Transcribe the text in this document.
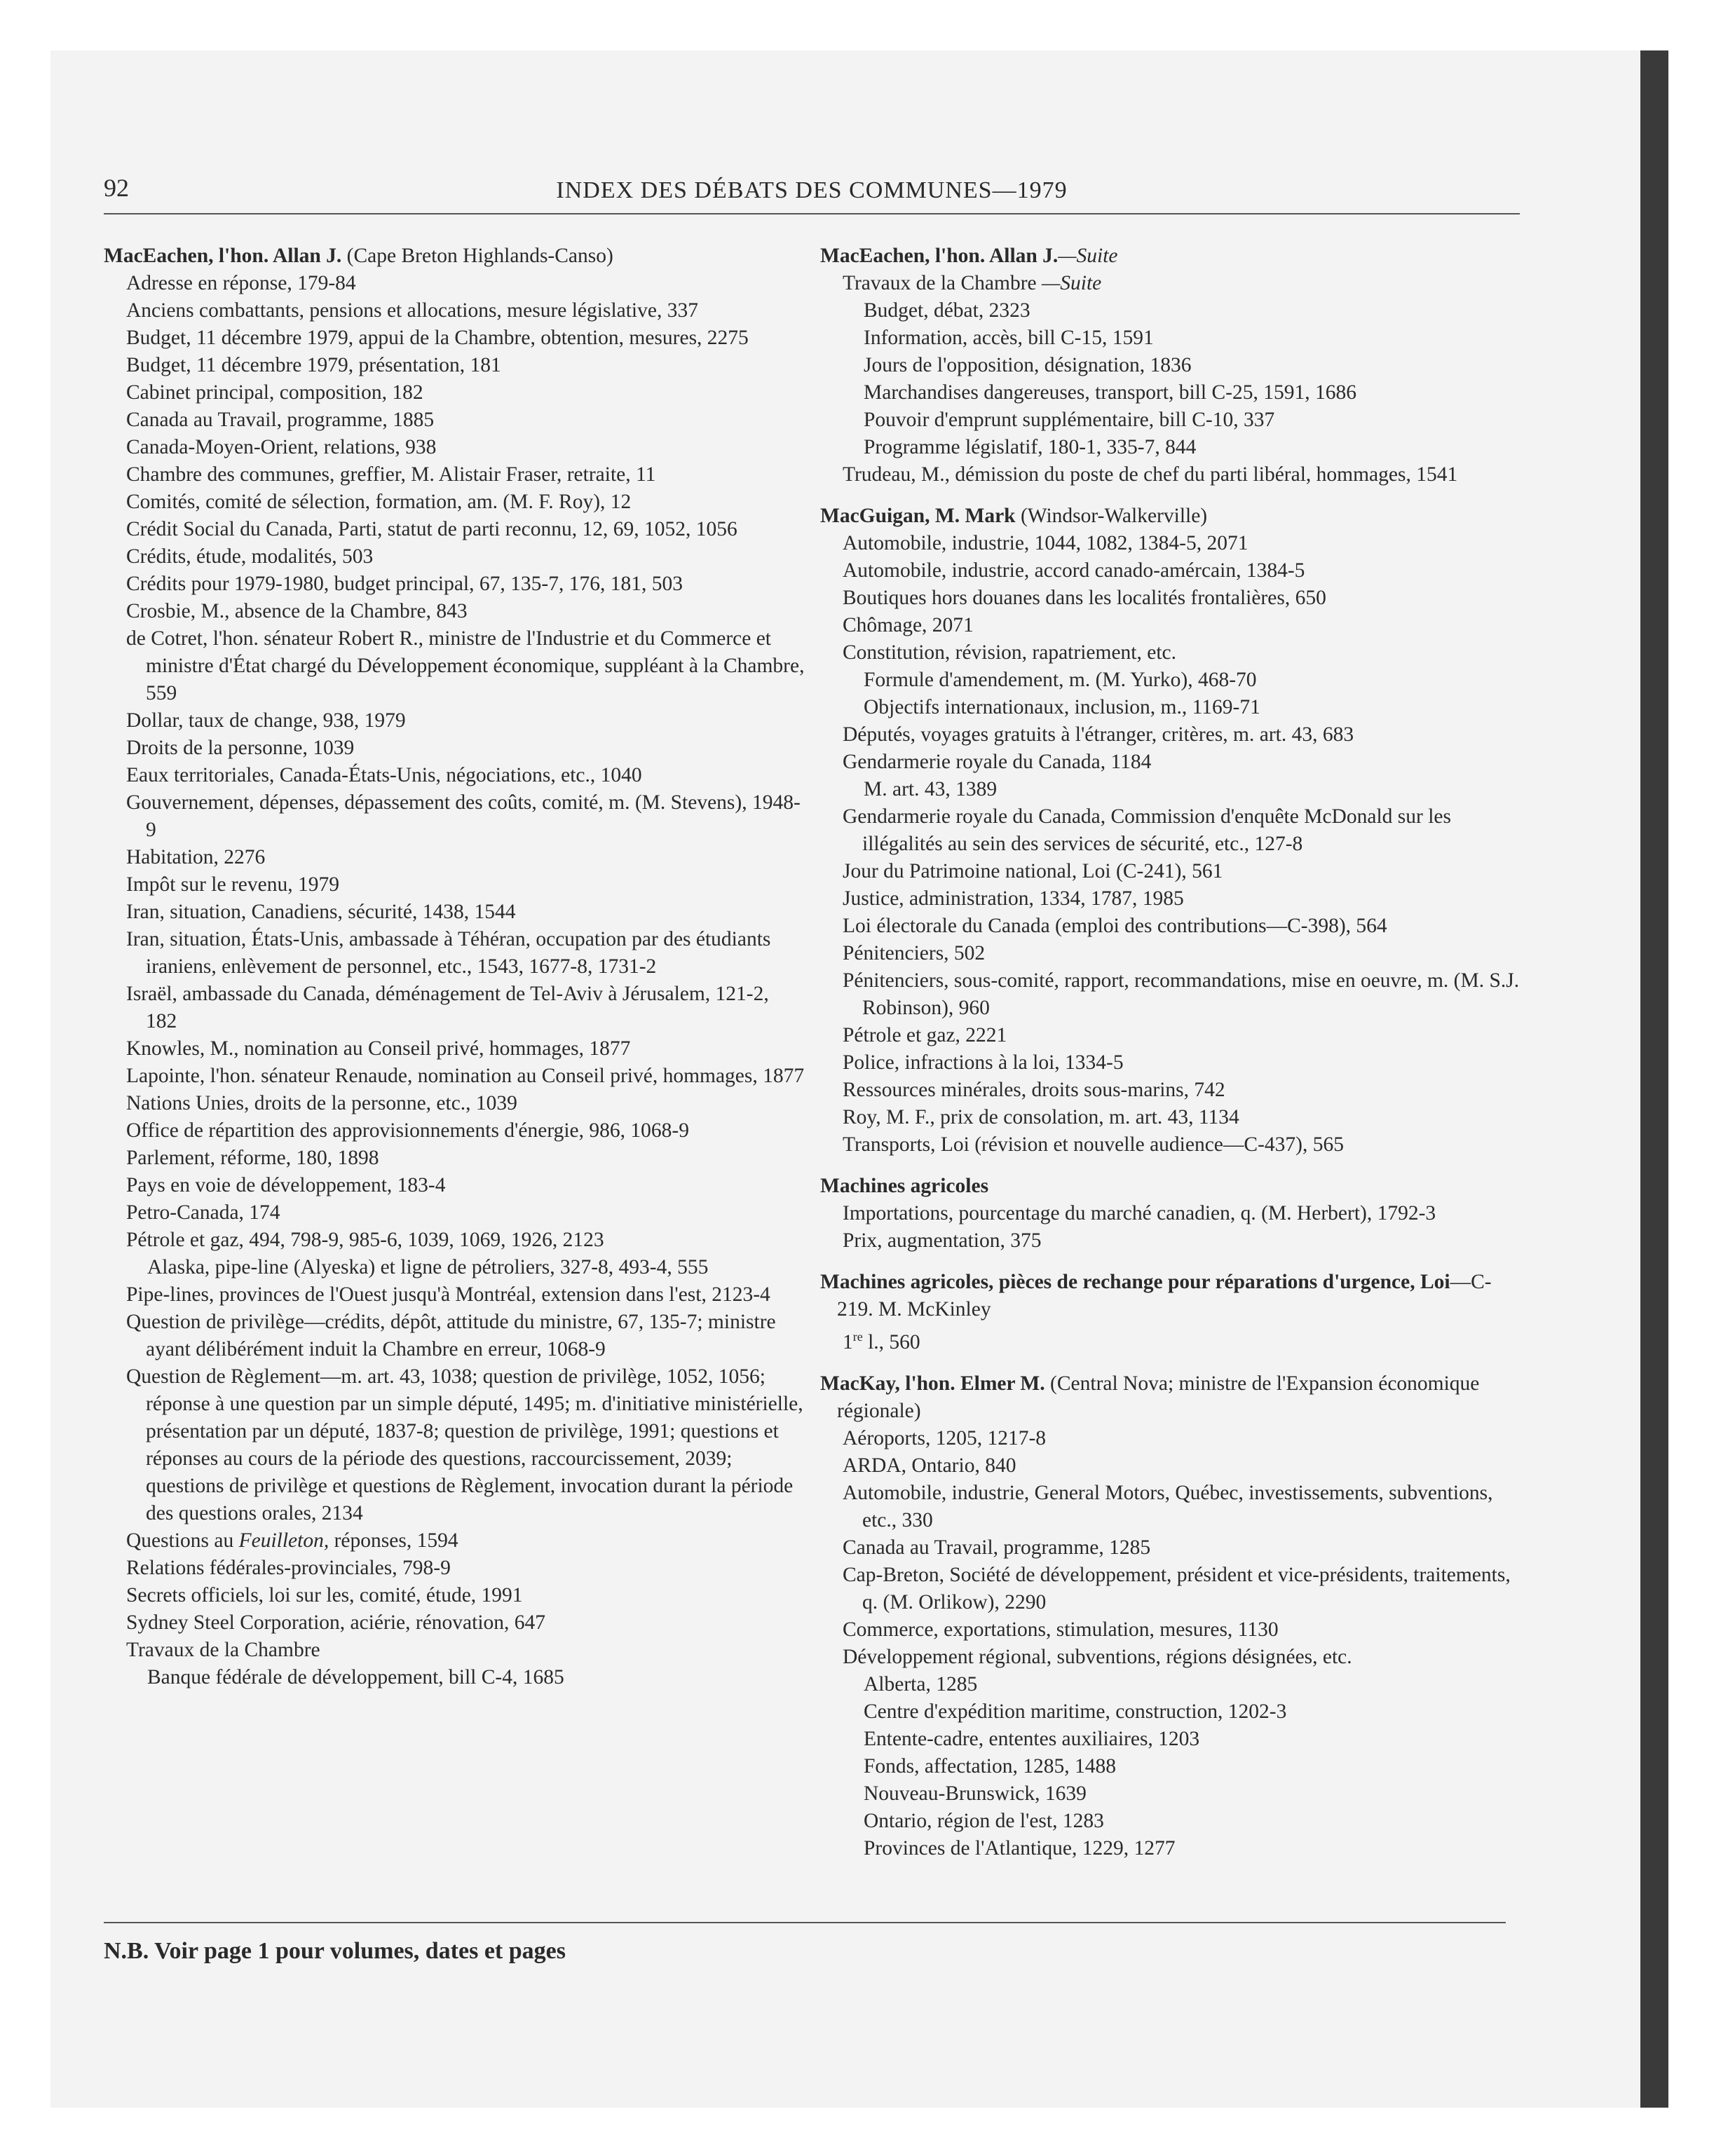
92	INDEX DES DÉBATS DES COMMUNES—1979

MacEachen, l'hon. Allan J. (Cape Breton Highlands-Canso)

Adresse en réponse, 179-84

Anciens combattants, pensions et allocations, mesure législative, 337

Budget, 11 décembre 1979, appui de la Chambre, obtention, mesures, 2275

Budget, 11 décembre 1979, présentation, 181

Cabinet principal, composition, 182

Canada au Travail, programme, 1885

Canada-Moyen-Orient, relations, 938

Chambre des communes, greffier, M. Alistair Fraser, retraite, 11

Comités, comité de sélection, formation, am. (M. F. Roy), 12

Crédit Social du Canada, Parti, statut de parti reconnu, 12, 69, 1052, 1056

Crédits, étude, modalités, 503

Crédits pour 1979-1980, budget principal, 67, 135-7, 176, 181, 503

Crosbie, M., absence de la Chambre, 843

de Cotret, l'hon. sénateur Robert R., ministre de l'Industrie et du Commerce et ministre d'État chargé du Développement économique, suppléant à la Chambre, 559

Dollar, taux de change, 938, 1979

Droits de la personne, 1039

Eaux territoriales, Canada-États-Unis, négociations, etc., 1040

Gouvernement, dépenses, dépassement des coûts, comité, m. (M. Stevens), 1948-9

Habitation, 2276

Impôt sur le revenu, 1979

Iran, situation, Canadiens, sécurité, 1438, 1544

Iran, situation, États-Unis, ambassade à Téhéran, occupation par des étudiants iraniens, enlèvement de personnel, etc., 1543, 1677-8, 1731-2

Israël, ambassade du Canada, déménagement de Tel-Aviv à Jérusalem, 121-2, 182

Knowles, M., nomination au Conseil privé, hommages, 1877

Lapointe, l'hon. sénateur Renaude, nomination au Conseil privé, hommages, 1877

Nations Unies, droits de la personne, etc., 1039

Office de répartition des approvisionnements d'énergie, 986, 1068-9

Parlement, réforme, 180, 1898

Pays en voie de développement, 183-4

Petro-Canada, 174

Pétrole et gaz, 494, 798-9, 985-6, 1039, 1069, 1926, 2123

Alaska, pipe-line (Alyeska) et ligne de pétroliers, 327-8, 493-4, 555

Pipe-lines, provinces de l'Ouest jusqu'à Montréal, extension dans l'est, 2123-4

Question de privilège—crédits, dépôt, attitude du ministre, 67, 135-7; ministre ayant délibérément induit la Chambre en erreur, 1068-9

Question de Règlement—m. art. 43, 1038; question de privilège, 1052, 1056; réponse à une question par un simple député, 1495; m. d'initiative ministérielle, présentation par un député, 1837-8; question de privilège, 1991; questions et réponses au cours de la période des questions, raccourcissement, 2039; questions de privilège et questions de Règlement, invocation durant la période des questions orales, 2134

Questions au Feuilleton, réponses, 1594

Relations fédérales-provinciales, 798-9

Secrets officiels, loi sur les, comité, étude, 1991

Sydney Steel Corporation, aciérie, rénovation, 647

Travaux de la Chambre

Banque fédérale de développement, bill C-4, 1685

MacEachen, l'hon. Allan J.—Suite

Travaux de la Chambre —Suite

Budget, débat, 2323

Information, accès, bill C-15, 1591

Jours de l'opposition, désignation, 1836

Marchandises dangereuses, transport, bill C-25, 1591, 1686

Pouvoir d'emprunt supplémentaire, bill C-10, 337

Programme législatif, 180-1, 335-7, 844

Trudeau, M., démission du poste de chef du parti libéral, hommages, 1541

MacGuigan, M. Mark (Windsor-Walkerville)

Automobile, industrie, 1044, 1082, 1384-5, 2071

Automobile, industrie, accord canado-amércain, 1384-5

Boutiques hors douanes dans les localités frontalières, 650

Chômage, 2071

Constitution, révision, rapatriement, etc.

Formule d'amendement, m. (M. Yurko), 468-70

Objectifs internationaux, inclusion, m., 1169-71

Députés, voyages gratuits à l'étranger, critères, m. art. 43, 683

Gendarmerie royale du Canada, 1184

M. art. 43, 1389

Gendarmerie royale du Canada, Commission d'enquête McDonald sur les illégalités au sein des services de sécurité, etc., 127-8

Jour du Patrimoine national, Loi (C-241), 561

Justice, administration, 1334, 1787, 1985

Loi électorale du Canada (emploi des contributions—C-398), 564

Pénitenciers, 502

Pénitenciers, sous-comité, rapport, recommandations, mise en oeuvre, m. (M. S.J. Robinson), 960

Pétrole et gaz, 2221

Police, infractions à la loi, 1334-5

Ressources minérales, droits sous-marins, 742

Roy, M. F., prix de consolation, m. art. 43, 1134

Transports, Loi (révision et nouvelle audience—C-437), 565

Machines agricoles

Importations, pourcentage du marché canadien, q. (M. Herbert), 1792-3

Prix, augmentation, 375

Machines agricoles, pièces de rechange pour réparations d'urgence, Loi—C-219. M. McKinley

1re l., 560

MacKay, l'hon. Elmer M. (Central Nova; ministre de l'Expansion économique régionale)

Aéroports, 1205, 1217-8

ARDA, Ontario, 840

Automobile, industrie, General Motors, Québec, investissements, subventions, etc., 330

Canada au Travail, programme, 1285

Cap-Breton, Société de développement, président et vice-présidents, traitements, q. (M. Orlikow), 2290

Commerce, exportations, stimulation, mesures, 1130

Développement régional, subventions, régions désignées, etc.

Alberta, 1285

Centre d'expédition maritime, construction, 1202-3

Entente-cadre, ententes auxiliaires, 1203

Fonds, affectation, 1285, 1488

Nouveau-Brunswick, 1639

Ontario, région de l'est, 1283

Provinces de l'Atlantique, 1229, 1277

N.B. Voir page 1 pour volumes, dates et pages
